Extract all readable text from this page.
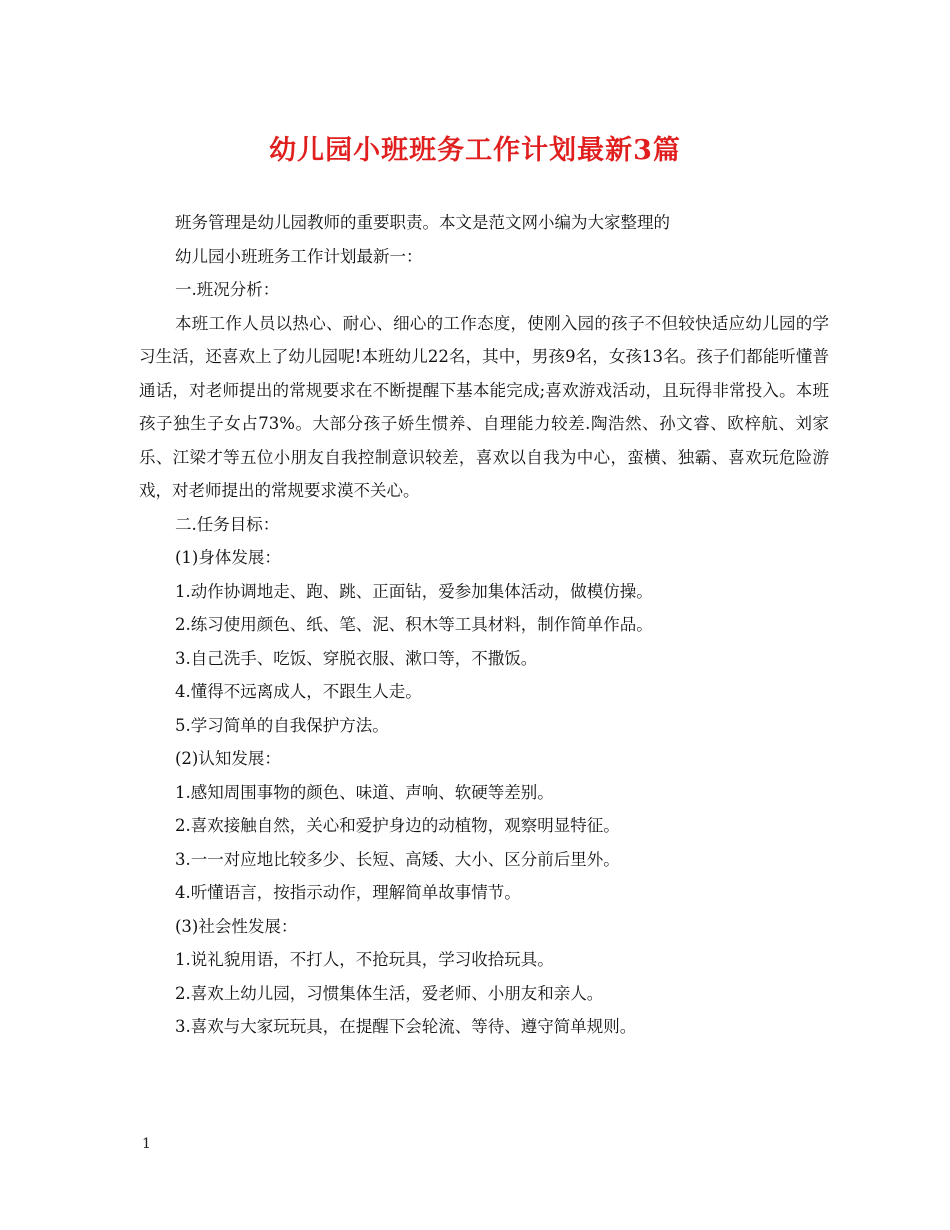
幼儿园小班班务工作计划最新3篇

班务管理是幼儿园教师的重要职责。本文是范文网小编为大家整理的

幼儿园小班班务工作计划最新一：

一.班况分析：

本班工作人员以热心、耐心、细心的工作态度，使刚入园的孩子不但较快适应幼儿园的学习生活，还喜欢上了幼儿园呢!本班幼儿22名，其中，男孩9名，女孩13名。孩子们都能听懂普通话，对老师提出的常规要求在不断提醒下基本能完成;喜欢游戏活动，且玩得非常投入。本班孩子独生子女占73%。大部分孩子娇生惯养、自理能力较差.陶浩然、孙文睿、欧梓航、刘家乐、江梁才等五位小朋友自我控制意识较差，喜欢以自我为中心，蛮横、独霸、喜欢玩危险游戏，对老师提出的常规要求漠不关心。

二.任务目标：

(1)身体发展：

1.动作协调地走、跑、跳、正面钻，爱参加集体活动，做模仿操。

2.练习使用颜色、纸、笔、泥、积木等工具材料，制作简单作品。

3.自己洗手、吃饭、穿脱衣服、漱口等，不撒饭。

4.懂得不远离成人，不跟生人走。

5.学习简单的自我保护方法。

(2)认知发展：

1.感知周围事物的颜色、味道、声响、软硬等差别。

2.喜欢接触自然，关心和爱护身边的动植物，观察明显特征。

3.一一对应地比较多少、长短、高矮、大小、区分前后里外。

4.听懂语言，按指示动作，理解简单故事情节。

(3)社会性发展：

1.说礼貌用语，不打人，不抢玩具，学习收拾玩具。

2.喜欢上幼儿园，习惯集体生活，爱老师、小朋友和亲人。

3.喜欢与大家玩玩具，在提醒下会轮流、等待、遵守简单规则。

1
